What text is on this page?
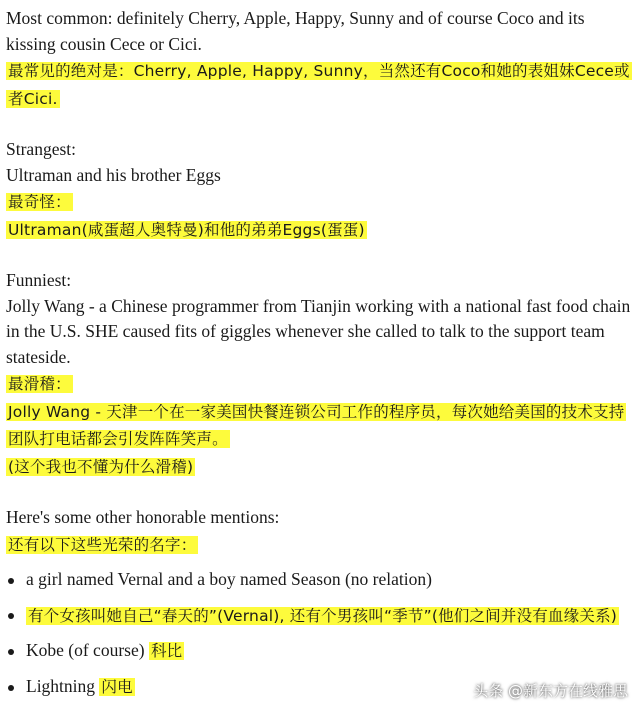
Most common: definitely Cherry, Apple, Happy, Sunny and of course Coco and its kissing cousin Cece or Cici.

最常见的绝对是：Cherry, Apple, Happy, Sunny，当然还有Coco和她的表姐妹Cece或者Cici.

Strangest:

Ultraman and his brother Eggs

最奇怪：

Ultraman(咸蛋超人奥特曼)和他的弟弟Eggs(蛋蛋)

Funniest:

Jolly Wang - a Chinese programmer from Tianjin working with a national fast food chain in the U.S. SHE caused fits of giggles whenever she called to talk to the support team stateside.

最滑稽：

Jolly Wang - 天津一个在一家美国快餐连锁公司工作的程序员，每次她给美国的技术支持团队打电话都会引发阵阵笑声。

(这个我也不懂为什么滑稽)

Here's some other honorable mentions:

还有以下这些光荣的名字：

a girl named Vernal and a boy named Season (no relation)
有个女孩叫她自己“春天的”(Vernal), 还有个男孩叫“季节”(他们之间并没有血缘关系)
Kobe (of course) 科比
Lightning 闪电	头条 @新东方在线雅思
